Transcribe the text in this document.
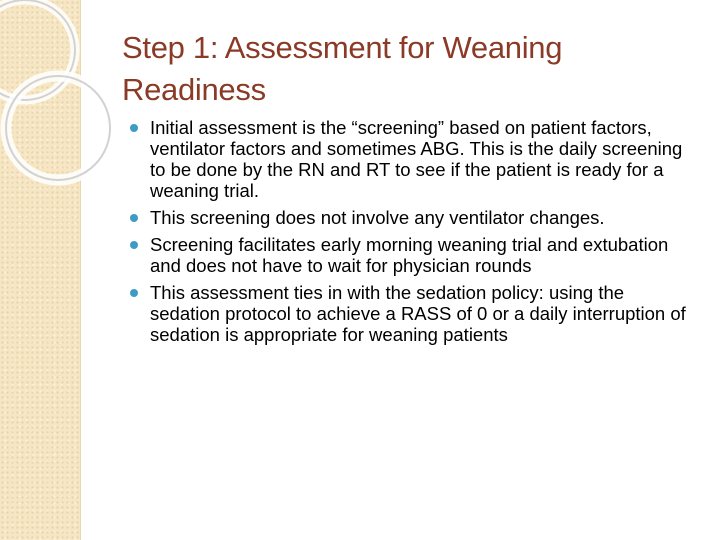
Step 1: Assessment for Weaning Readiness
Initial assessment is the “screening” based on patient factors, ventilator factors and sometimes ABG. This is the daily screening to be done by the RN and RT to see if the patient is ready for a weaning trial.
This screening does not involve any ventilator changes.
Screening facilitates early morning weaning trial and extubation and does not have to wait for physician rounds
This assessment ties in with the sedation policy: using the sedation protocol to achieve a RASS of 0 or a daily interruption of sedation is appropriate for weaning patients
